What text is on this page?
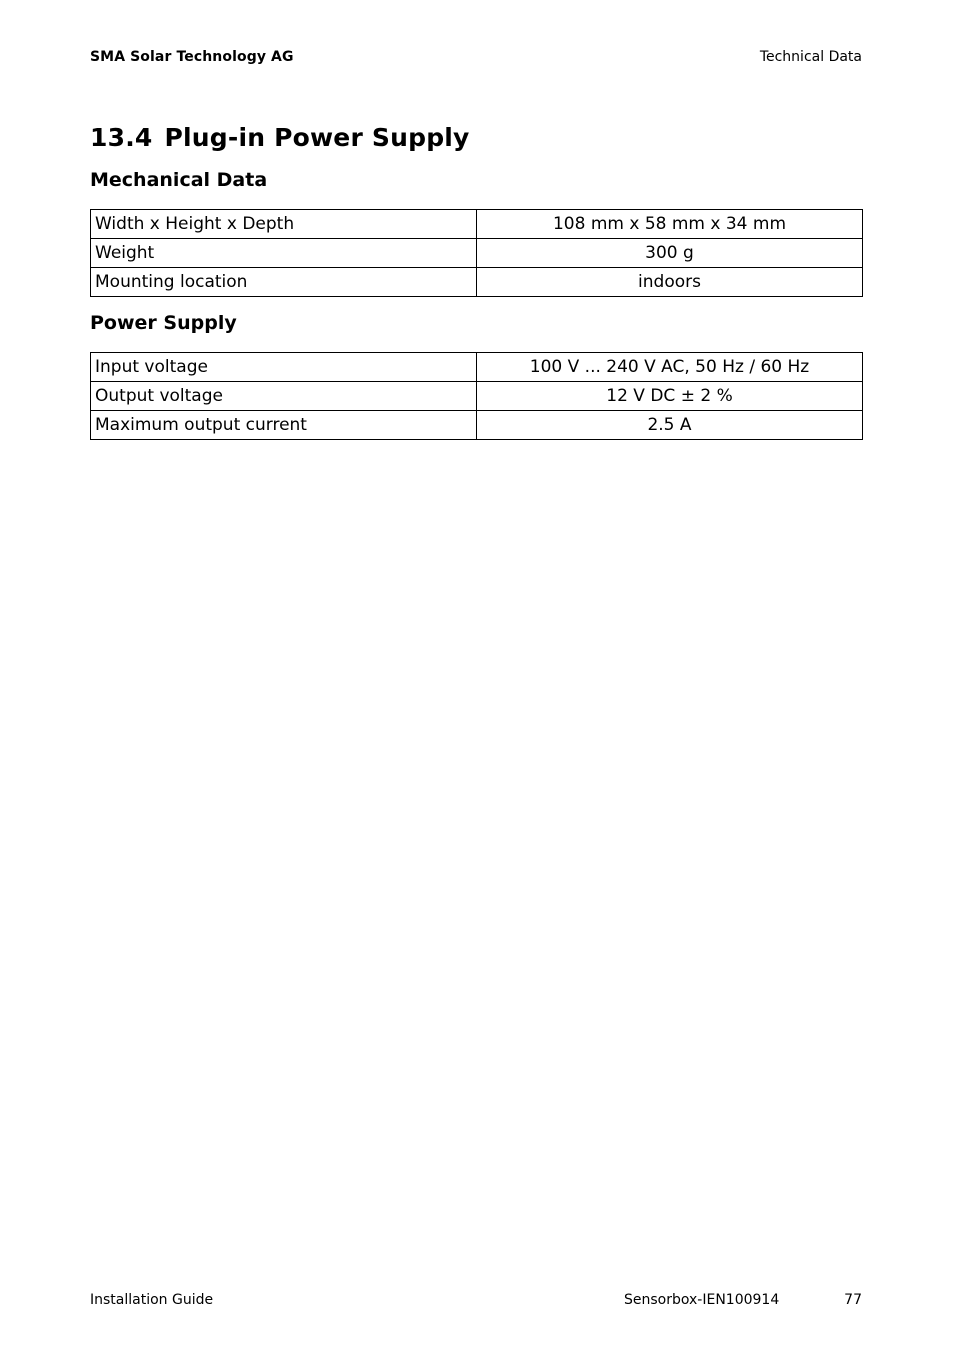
SMA Solar Technology AG	Technical Data
13.4 Plug-in Power Supply
Mechanical Data
Width x Height x Depth	108 mm x 58 mm x 34 mm
Weight	300 g
Mounting location	indoors
Power Supply
Input voltage	100 V ... 240 V AC, 50 Hz / 60 Hz
Output voltage	12 V DC ± 2 %
Maximum output current	2.5 A
Installation Guide	Sensorbox-IEN100914	77
